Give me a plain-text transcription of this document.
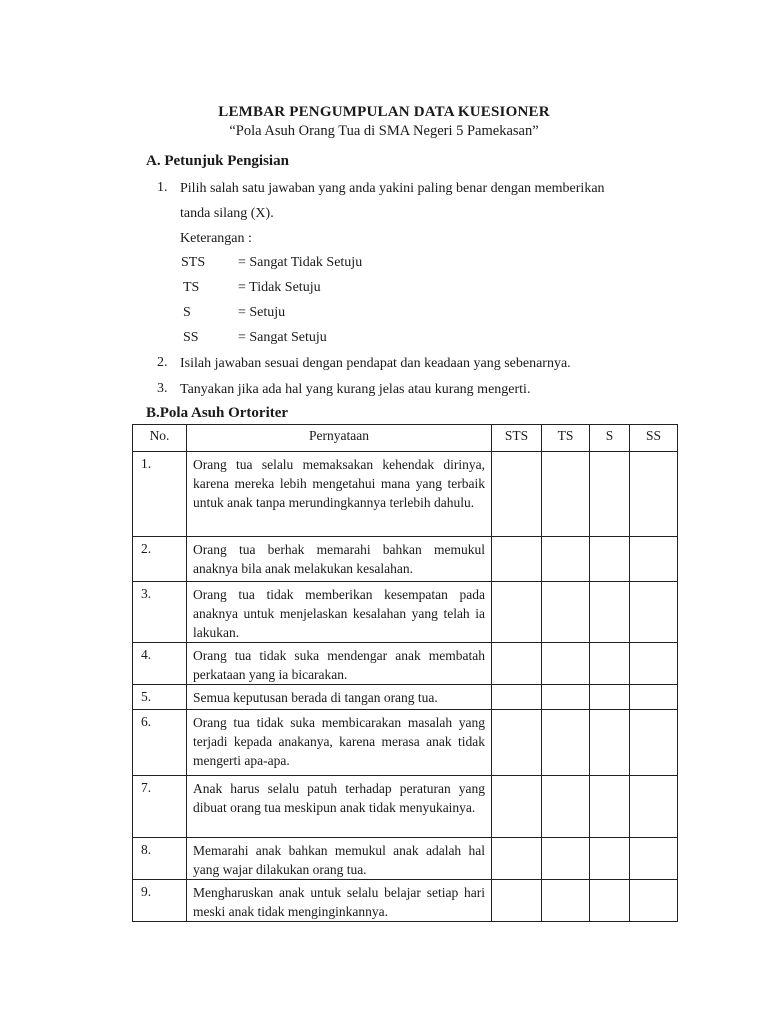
LEMBAR PENGUMPULAN DATA KUESIONER
“Pola Asuh Orang Tua di SMA Negeri 5 Pamekasan”
A. Petunjuk Pengisian
1. Pilih salah satu jawaban yang anda yakini paling benar dengan memberikan
tanda silang (X).
Keterangan :
STS = Sangat Tidak Setuju
TS	= Tidak Setuju
S	= Setuju
SS	= Sangat Setuju
2. Isilah jawaban sesuai dengan pendapat dan keadaan yang sebenarnya.
3. Tanyakan jika ada hal yang kurang jelas atau kurang mengerti.
B.Pola Asuh Ortoriter
No.	Pernyataan	STS	TS	S	SS
1.	Orang tua selalu memaksakan kehendak dirinya, karena mereka lebih mengetahui mana yang terbaik untuk anak tanpa merundingkannya terlebih dahulu.				
2.	Orang tua berhak memarahi bahkan memukul anaknya bila anak melakukan kesalahan.				
3.	Orang tua tidak memberikan kesempatan pada anaknya untuk menjelaskan kesalahan yang telah ia lakukan.				
4.	Orang tua tidak suka mendengar anak membatah perkataan yang ia bicarakan.				
5.	Semua keputusan berada di tangan orang tua.				
6.	Orang tua tidak suka membicarakan masalah yang terjadi kepada anakanya, karena merasa anak tidak mengerti apa-apa.				
7.	Anak harus selalu patuh terhadap peraturan yang dibuat orang tua meskipun anak tidak menyukainya.				
8.	Memarahi anak bahkan memukul anak adalah hal yang wajar dilakukan orang tua.				
9.	Mengharuskan anak untuk selalu belajar setiap hari meski anak tidak menginginkannya.				
